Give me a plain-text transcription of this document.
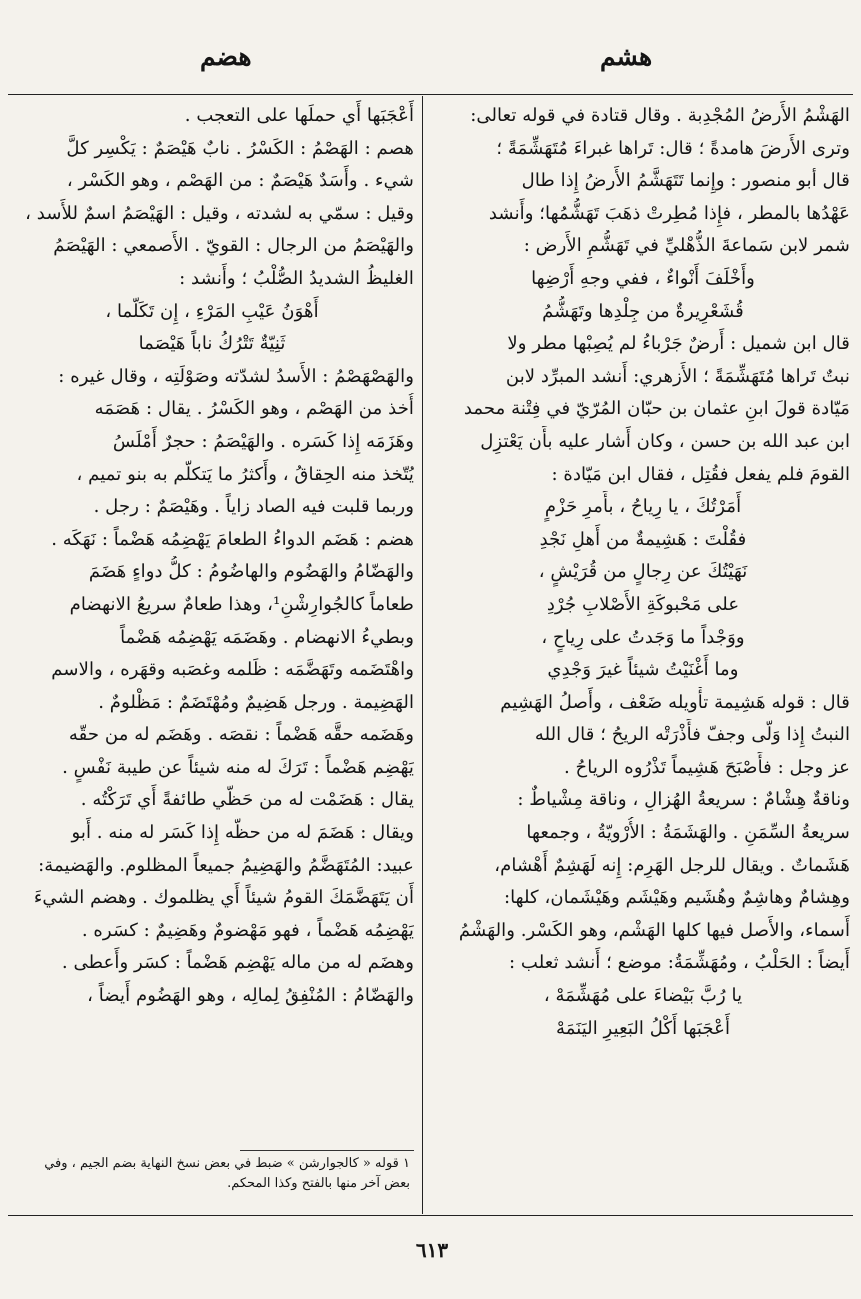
هشم
هضم
الهَشْمُ الأَرضُ المُجْدِبة . وقال قتادة في قوله تعالى:
وترى الأَرضَ هامدةً ؛ قال: تَراها غبراءَ مُتَهَشِّمَةً ؛
قال أبو منصور : وإِنما تَتَهَشَّمُ الأَرضُ إِذا طال
عَهْدُها بالمطر ، فإِذا مُطِرتْ ذهَبَ تَهَشُّمُها؛ وأَنشد
شمر لابن سَماعةَ الذُّهْليِّ في تَهَشُّمِ الأَرض :
وأَخْلَفَ أَنْواءٌ ، ففي وجهِ أَرْضِها
قُشَعْرِيرةٌ من جِلْدِها وتَهَشُّمُ
قال ابن شميل : أَرضٌ جَرْباءُ لم يُصِبْها مطر ولا
نبتٌ تَراها مُتَهَشِّمَةً ؛ الأَزهري: أَنشد المبرِّد لابن
مَيّادة قولَ ابنِ عثمان بن حبّان المُرّيّ في فِتْنة محمد
ابن عبد الله بن حسن ، وكان أَشار عليه بأَن يَعْتزِل
القومَ فلم يفعل فقُتِل ، فقال ابن مَيّادة :
أَمَرْتُكَ ، يا رِياحُ ، بأَمرِ حَزْمٍ
فقُلْتَ : هَشِيمةٌ من أَهلِ نَجْدِ
نَهَيْتُكَ عن رِجالٍ من قُرَيْشٍ ،
على مَحْبوكَةِ الأَصْلابِ جُرْدِ
ووَجْداً ما وَجَدتُ على رِياحٍ ،
وما أَغْنَيْتُ شيئاً غيرَ وَجْدِي
قال : قوله هَشِيمة تأْويله ضَعْف ، وأَصلُ الهَشِيم
النبتُ إِذا وَلّى وجفّ فأَذْرَتْه الريحُ ؛ قال الله
عز وجل : فأَصْبَحَ هَشِيماً تَذْرُوه الرياحُ .
وناقةٌ هِشْامٌ : سريعةُ الهُزالِ ، وناقة مِشْياطٌ :
سريعةُ السِّمَنِ . والهَشَمَةُ : الأُرْويّةُ ، وجمعها
هَشَماتٌ . ويقال للرجل الهَرِم: إِنه لَهَشِمٌ أَهْشام،
وهِشامٌ وهاشِمٌ وهُشَيم وهَيْشَم وهَيْشَمان، كلها:
أَسماء، والأَصل فيها كلها الهَشْم، وهو الكَسْر. والهَشْمُ
أَيضاً : الحَلْبُ ، ومُهَشِّمَةُ: موضع ؛ أَنشد ثعلب :
يا رُبَّ بَيْضاءَ على مُهَشِّمَهْ ،
أَعْجَبَها أَكْلُ البَعِيرِ اليَنَمَهْ
أَعْجَبَها أَي حملَها على التعجب .
هصم : الهَصْمُ : الكَسْرُ . نابٌ هَيْصَمٌ : يَكْسِر كلَّ
شيء . وأَسَدٌ هَيْصَمٌ : من الهَصْم ، وهو الكَسْر ،
وقيل : سمّي به لشدته ، وقيل : الهَيْصَمُ اسمٌ للأَسد ،
والهَيْصَمُ من الرجال : القويّ . الأَصمعي : الهَيْصَمُ
الغليظُ الشديدُ الصُّلْبُ ؛ وأَنشد :
أَهْوَنُ عَيْبِ المَرْءِ ، إِن تَكَلّما ،
ثَنِيّةٌ تَتْرُكُ ناباً هَيْصَما
والهَصْهَصْمُ : الأَسدُ لشدّته وصَوْلَتِه ، وقال غيره :
أُخذ من الهَصْم ، وهو الكَسْرُ . يقال : هَصَمَه
وهَزَمَه إِذا كَسَره . والهَيْصَمُ : حجرٌ أَمْلَسُ
يُتّخذ منه الحِقاقُ ، وأَكثرُ ما يَتكلّم به بنو تميم ،
وربما قلبت فيه الصاد زاياً . وهَيْصَمٌ : رجل .
هضم : هَضَم الدواءُ الطعامَ يَهْضِمُه هَضْماً : نَهَكَه .
والهَضّامُ والهَضُوم والهاضُومُ : كلُّ دواءٍ هَضَمَ
طعاماً كالجُوارِشْنِ¹، وهذا طعامٌ سريعُ الانهضام
وبطيءُ الانهضام . وهَضَمَه يَهْضِمُه هَضْماً
واهْتَضَمه وتَهَضَّمَه : ظَلمه وغصَبه وقهَره ، والاسم
الهَضِيمة . ورجل هَضِيمٌ ومُهْتَضَمٌ : مَظْلومٌ .
وهَضَمه حقَّه هَضْماً : نقصَه . وهَضَم له من حقّه
يَهْضِم هَضْماً : تَرَكَ له منه شيئاً عن طيبة نَفْسٍ .
يقال : هَضَمْت له من حَظّي طائفةً أَي تَرَكْتُه .
ويقال : هَضَمَ له من حظّه إِذا كَسَر له منه . أَبو
عبيد: المُتَهَضَّمُ والهَضِيمُ جميعاً المظلوم. والهَضيمة:
أَن يَتَهَضَّمَكَ القومُ شيئاً أَي يظلموك . وهضم الشيءَ
يَهْضِمُه هَضْماً ، فهو مَهْضومٌ وهَضِيمٌ : كسَره .
وهضَم له من ماله يَهْضِم هَضْماً : كسَر وأَعطى .
والهَضّامُ : المُنْفِقُ لِمالِه ، وهو الهَضُوم أَيضاً ،
١ قوله « كالجوارشن » ضبط في بعض نسخ النهاية بضم الجيم ، وفي
بعض آخر منها بالفتح وكذا المحكم.
٦١٣
